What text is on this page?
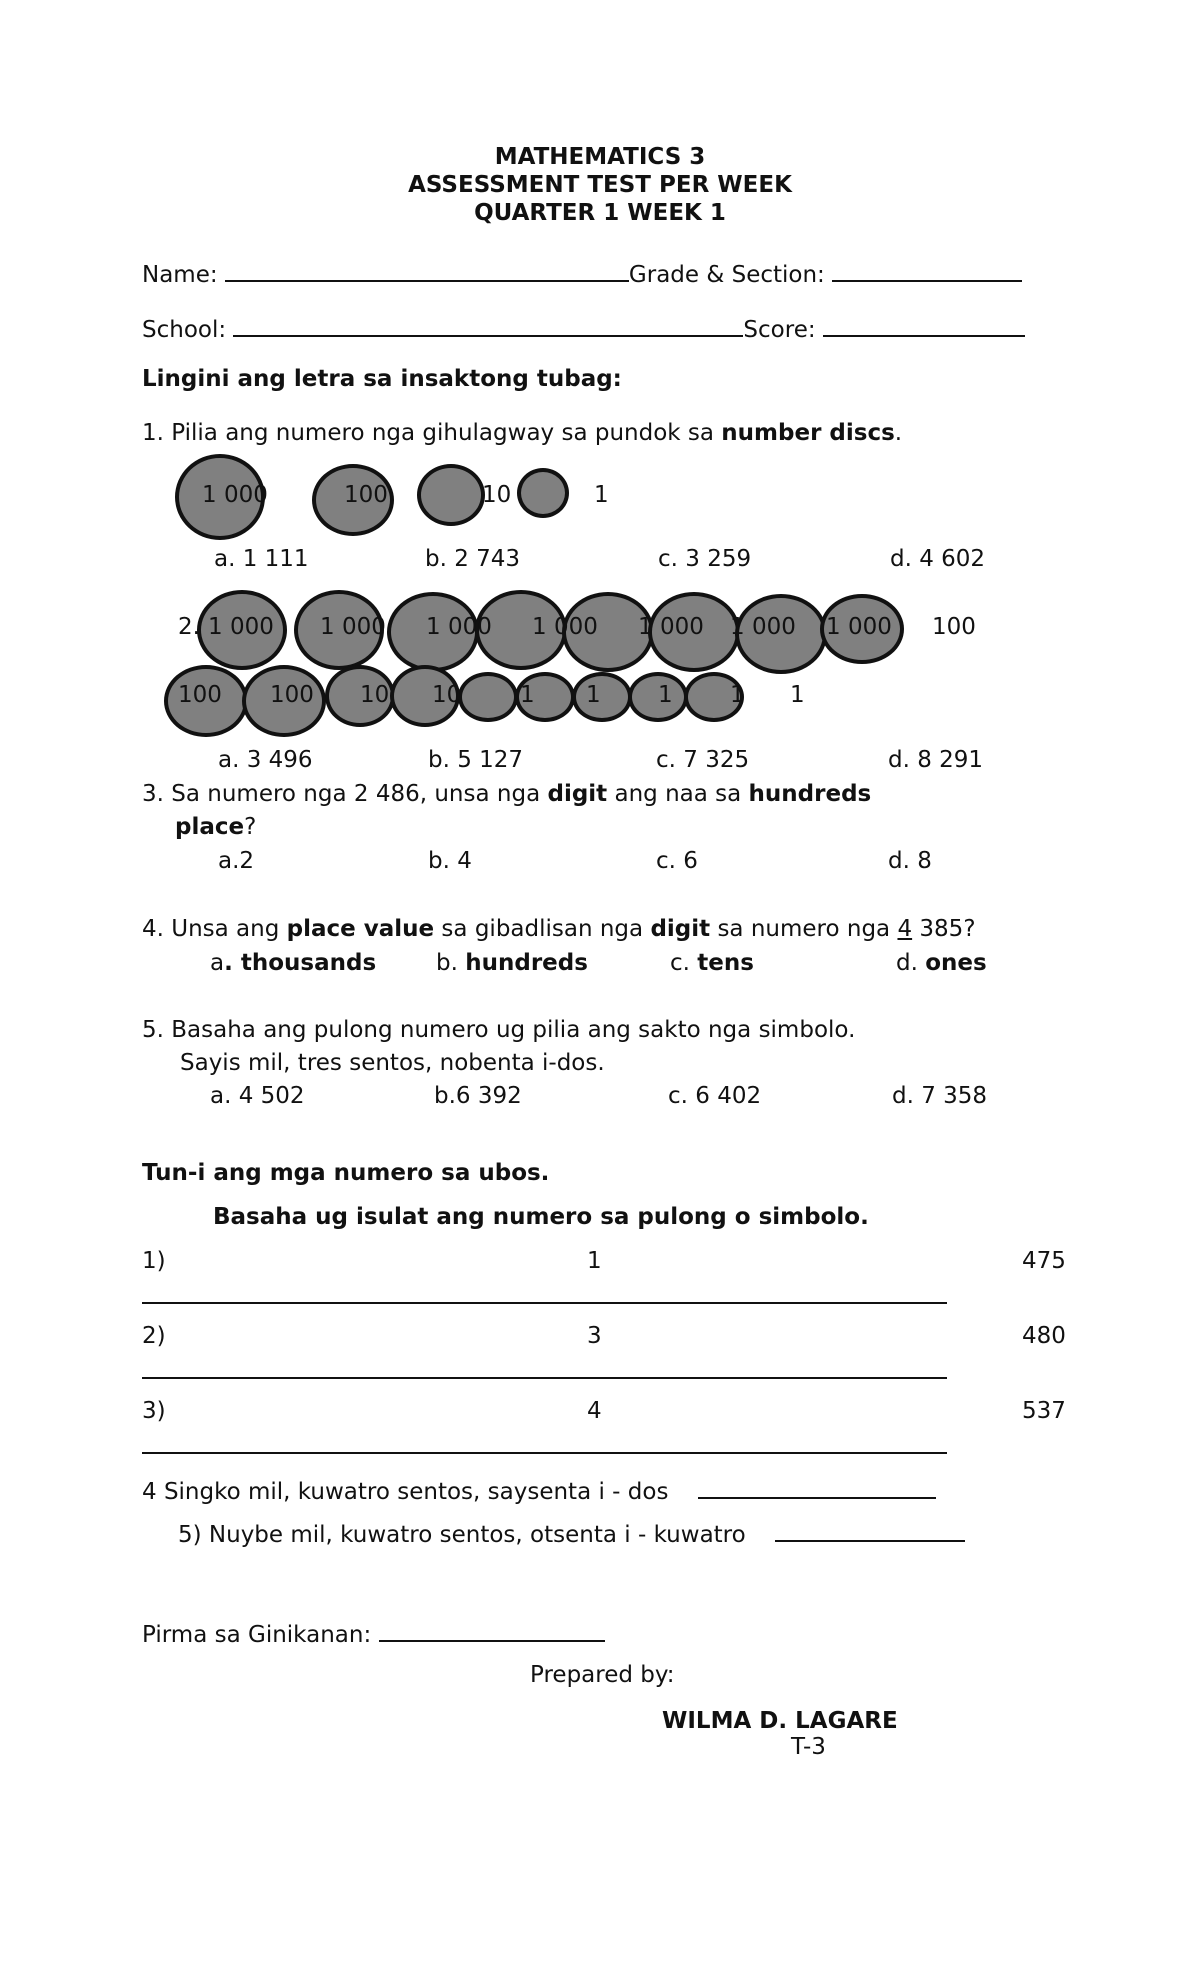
MATHEMATICS 3
ASSESSMENT TEST PER WEEK
QUARTER 1 WEEK 1
Name:	Grade & Section:
School:	Score:
Lingini ang letra sa insaktong tubag:
1. Pilia ang numero nga gihulagway sa pundok sa number discs.
1 000	100	10	1
a. 1 111	b. 2 743	c. 3 259	d. 4 602
2. 1 000 1 000 1 000 1 000 1 000 1 000 1 000 100
100 100 10 10	1 1 1 1 1
a. 3 496	b. 5 127	c. 7 325	d. 8 291
3. Sa numero nga 2 486, unsa nga digit ang naa sa hundreds
place?
a.2	b. 4	c. 6	d. 8
4. Unsa ang place value sa gibadlisan nga digit sa numero nga 4 385?
a. thousands	b. hundreds	c. tens	d. ones
5. Basaha ang pulong numero ug pilia ang sakto nga simbolo.
Sayis mil, tres sentos, nobenta i-dos.
a. 4 502	b.6 392	c. 6 402	d. 7 358
Tun-i ang mga numero sa ubos.
Basaha ug isulat ang numero sa pulong o simbolo.
1)	1	475
2)	3	480
3)	4	537
4 Singko mil, kuwatro sentos, saysenta i - dos
5) Nuybe mil, kuwatro sentos, otsenta i - kuwatro
Pirma sa Ginikanan:
Prepared by:
WILMA D. LAGARE
T-3
